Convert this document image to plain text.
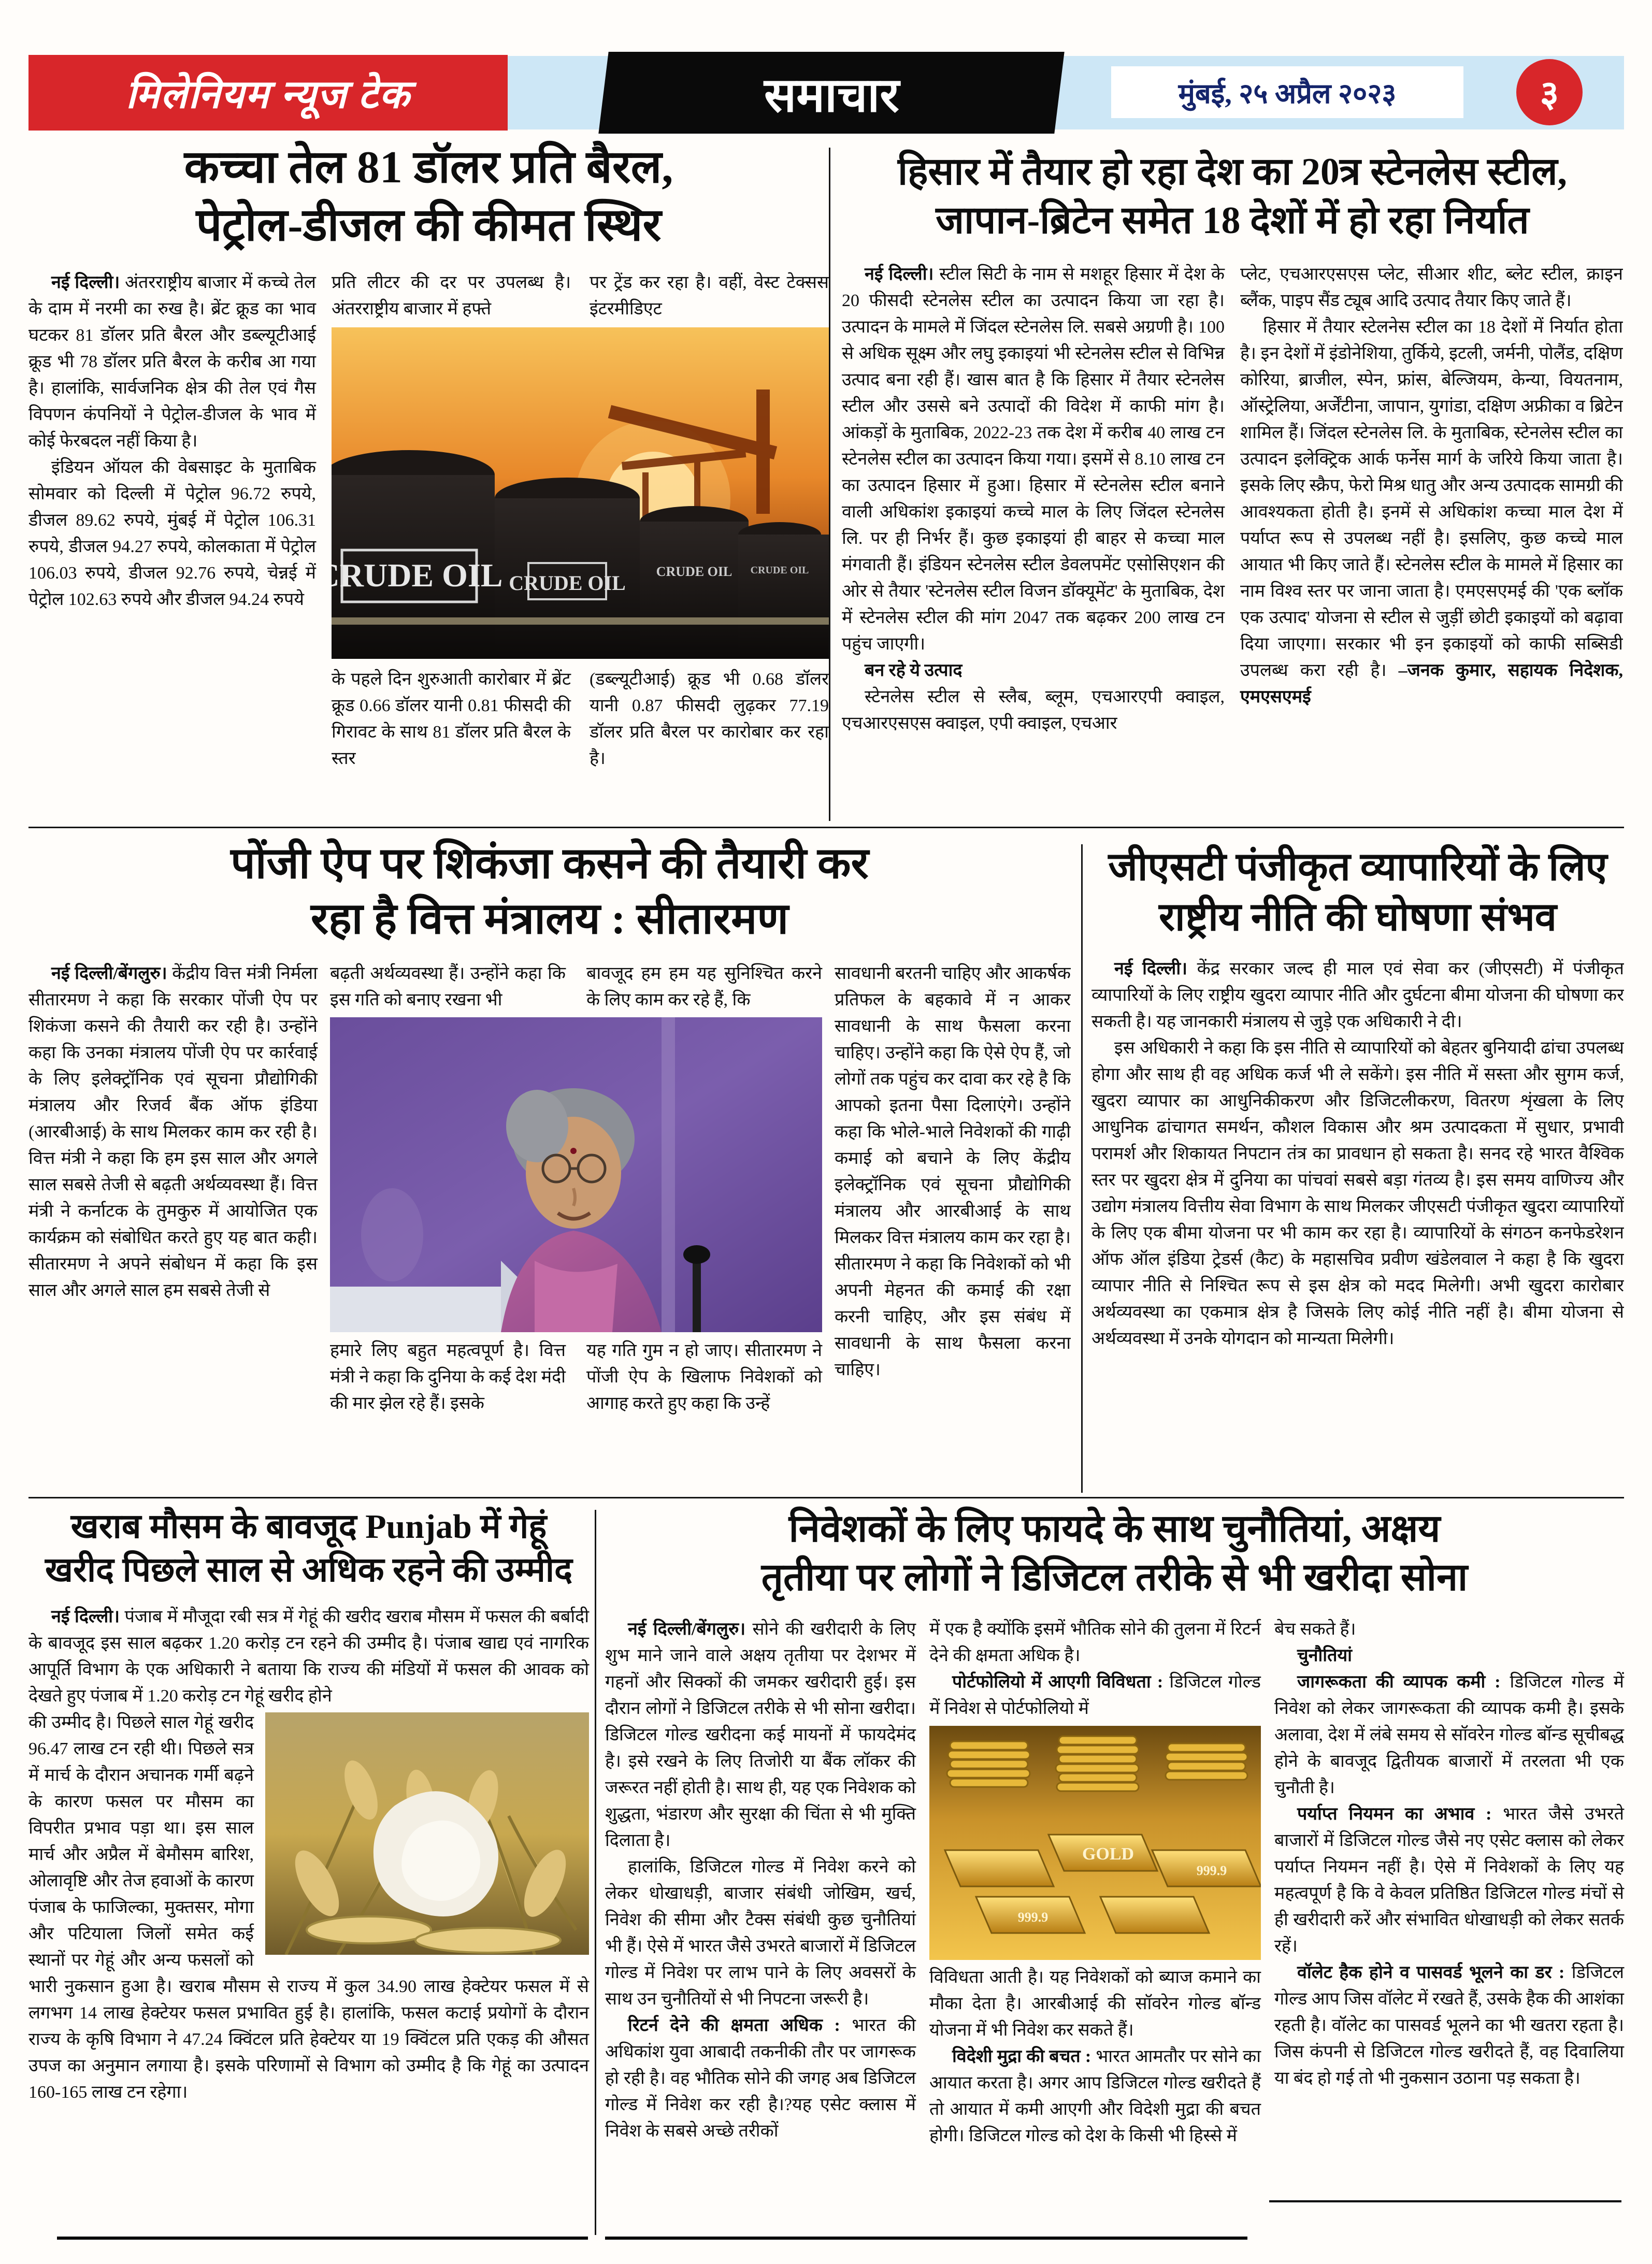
मिलेनियम न्यूज टेक	समाचार	मुंबई, २५ अप्रैल २०२३	३
कच्चा तेल 81 डॉलर प्रति बैरल,
पेट्रोल-डीजल की कीमत स्थिर

नई दिल्ली। अंतरराष्ट्रीय बाजार में कच्चे तेल के दाम में नरमी का रुख है। ब्रेंट क्रूड का भाव घटकर 81 डॉलर प्रति बैरल और डब्ल्यूटीआई क्रूड भी 78 डॉलर प्रति बैरल के करीब आ गया है। हालांकि, सार्वजनिक क्षेत्र की तेल एवं गैस विपणन कंपनियों ने पेट्रोल-डीजल के भाव में कोई फेरबदल नहीं किया है।

इंडियन ऑयल की वेबसाइट के मुताबिक सोमवार को दिल्ली में पेट्रोल 96.72 रुपये, डीजल 89.62 रुपये, मुंबई में पेट्रोल 106.31 रुपये, डीजल 94.27 रुपये, कोलकाता में पेट्रोल 106.03 रुपये, डीजल 92.76 रुपये, चेन्नई में पेट्रोल 102.63 रुपये और डीजल 94.24 रुपये

प्रति लीटर की दर पर उपलब्ध है। अंतरराष्ट्रीय बाजार में हफ्ते
पर ट्रेंड कर रहा है। वहीं, वेस्ट टेक्सस इंटरमीडिएट
CRUDE OIL CRUDE OIL CRUDE OIL CRUDE OIL
के पहले दिन शुरुआती कारोबार में ब्रेंट क्रूड 0.66 डॉलर यानी 0.81 फीसदी की गिरावट के साथ 81 डॉलर प्रति बैरल के स्तर
(डब्ल्यूटीआई) क्रूड भी 0.68 डॉलर यानी 0.87 फीसदी लुढ़कर 77.19 डॉलर प्रति बैरल पर कारोबार कर रहा है।
हिसार में तैयार हो रहा देश का 20त्र स्टेनलेस स्टील,
जापान-ब्रिटेन समेत 18 देशों में हो रहा निर्यात

नई दिल्ली। स्टील सिटी के नाम से मशहूर हिसार में देश के 20 फीसदी स्टेनलेस स्टील का उत्पादन किया जा रहा है। उत्पादन के मामले में जिंदल स्टेनलेस लि. सबसे अग्रणी है। 100 से अधिक सूक्ष्म और लघु इकाइयां भी स्टेनलेस स्टील से विभिन्न उत्पाद बना रही हैं। खास बात है कि हिसार में तैयार स्टेनलेस स्टील और उससे बने उत्पादों की विदेश में काफी मांग है। आंकड़ों के मुताबिक, 2022-23 तक देश में करीब 40 लाख टन स्टेनलेस स्टील का उत्पादन किया गया। इसमें से 8.10 लाख टन का उत्पादन हिसार में हुआ। हिसार में स्टेनलेस स्टील बनाने वाली अधिकांश इकाइयां कच्चे माल के लिए जिंदल स्टेनलेस लि. पर ही निर्भर हैं। कुछ इकाइयां ही बाहर से कच्चा माल मंगवाती हैं। इंडियन स्टेनलेस स्टील डेवलपमेंट एसोसिएशन की ओर से तैयार 'स्टेनलेस स्टील विजन डॉक्यूमेंट' के मुताबिक, देश में स्टेनलेस स्टील की मांग 2047 तक बढ़कर 200 लाख टन पहुंच जाएगी।

बन रहे ये उत्पाद

स्टेनलेस स्टील से स्लैब, ब्लूम, एचआरएपी क्वाइल, एचआरएसएस क्वाइल, एपी क्वाइल, एचआर

प्लेट, एचआरएसएस प्लेट, सीआर शीट, ब्लेट स्टील, क्राइन ब्लैंक, पाइप सैंड ट्यूब आदि उत्पाद तैयार किए जाते हैं।

हिसार में तैयार स्टेलनेस स्टील का 18 देशों में निर्यात होता है। इन देशों में इंडोनेशिया, तुर्किये, इटली, जर्मनी, पोलैंड, दक्षिण कोरिया, ब्राजील, स्पेन, फ्रांस, बेल्जियम, केन्या, वियतनाम, ऑस्ट्रेलिया, अर्जेंटीना, जापान, युगांडा, दक्षिण अफ्रीका व ब्रिटेन शामिल हैं। जिंदल स्टेनलेस लि. के मुताबिक, स्टेनलेस स्टील का उत्पादन इलेक्ट्रिक आर्क फर्नेस मार्ग के जरिये किया जाता है। इसके लिए स्क्रैप, फेरो मिश्र धातु और अन्य उत्पादक सामग्री की आवश्यकता होती है। इनमें से अधिकांश कच्चा माल देश में पर्याप्त रूप से उपलब्ध नहीं है। इसलिए, कुछ कच्चे माल आयात भी किए जाते हैं। स्टेनलेस स्टील के मामले में हिसार का नाम विश्व स्तर पर जाना जाता है। एमएसएमई की 'एक ब्लॉक एक उत्पाद' योजना से स्टील से जुड़ीं छोटी इकाइयों को बढ़ावा दिया जाएगा। सरकार भी इन इकाइयों को काफी सब्सिडी उपलब्ध करा रही है। –जनक कुमार, सहायक निदेशक, एमएसएमई

पोंजी ऐप पर शिकंजा कसने की तैयारी कर
रहा है वित्त मंत्रालय : सीतारमण

नई दिल्ली/बेंगलुरु। केंद्रीय वित्त मंत्री निर्मला सीतारमण ने कहा कि सरकार पोंजी ऐप पर शिकंजा कसने की तैयारी कर रही है। उन्होंने कहा कि उनका मंत्रालय पोंजी ऐप पर कार्रवाई के लिए इलेक्ट्रॉनिक एवं सूचना प्रौद्योगिकी मंत्रालय और रिजर्व बैंक ऑफ इंडिया (आरबीआई) के साथ मिलकर काम कर रही है। वित्त मंत्री ने कहा कि हम इस साल और अगले साल सबसे तेजी से बढ़ती अर्थव्यवस्था हैं। वित्त मंत्री ने कर्नाटक के तुमकुरु में आयोजित एक कार्यक्रम को संबोधित करते हुए यह बात कही। सीतारमण ने अपने संबोधन में कहा कि इस साल और अगले साल हम सबसे तेजी से

बढ़ती अर्थव्यवस्था हैं। उन्होंने कहा कि इस गति को बनाए रखना भी
बावजूद हम हम यह सुनिश्चित करने के लिए काम कर रहे हैं, कि
हमारे लिए बहुत महत्वपूर्ण है। वित्त मंत्री ने कहा कि दुनिया के कई देश मंदी की मार झेल रहे हैं। इसके
यह गति गुम न हो जाए। सीतारमण ने पोंजी ऐप के खिलाफ निवेशकों को आगाह करते हुए कहा कि उन्हें

सावधानी बरतनी चाहिए और आकर्षक प्रतिफल के बहकावे में न आकर सावधानी के साथ फैसला करना चाहिए। उन्होंने कहा कि ऐसे ऐप हैं, जो लोगों तक पहुंच कर दावा कर रहे है कि आपको इतना पैसा दिलाएंगे। उन्होंने कहा कि भोले-भाले निवेशकों की गाढ़ी कमाई को बचाने के लिए केंद्रीय इलेक्ट्रॉनिक एवं सूचना प्रौद्योगिकी मंत्रालय और आरबीआई के साथ मिलकर वित्त मंत्रालय काम कर रहा है। सीतारमण ने कहा कि निवेशकों को भी अपनी मेहनत की कमाई की रक्षा करनी चाहिए, और इस संबंध में सावधानी के साथ फैसला करना चाहिए।

जीएसटी पंजीकृत व्यापारियों के लिए
राष्ट्रीय नीति की घोषणा संभव

नई दिल्ली। केंद्र सरकार जल्द ही माल एवं सेवा कर (जीएसटी) में पंजीकृत व्यापारियों के लिए राष्ट्रीय खुदरा व्यापार नीति और दुर्घटना बीमा योजना की घोषणा कर सकती है। यह जानकारी मंत्रालय से जुड़े एक अधिकारी ने दी।

इस अधिकारी ने कहा कि इस नीति से व्यापारियों को बेहतर बुनियादी ढांचा उपलब्ध होगा और साथ ही वह अधिक कर्ज भी ले सकेंगे। इस नीति में सस्ता और सुगम कर्ज, खुदरा व्यापार का आधुनिकीकरण और डिजिटलीकरण, वितरण शृंखला के लिए आधुनिक ढांचागत समर्थन, कौशल विकास और श्रम उत्पादकता में सुधार, प्रभावी परामर्श और शिकायत निपटान तंत्र का प्रावधान हो सकता है। सनद रहे भारत वैश्विक स्तर पर खुदरा क्षेत्र में दुनिया का पांचवां सबसे बड़ा गंतव्य है। इस समय वाणिज्य और उद्योग मंत्रालय वित्तीय सेवा विभाग के साथ मिलकर जीएसटी पंजीकृत खुदरा व्यापारियों के लिए एक बीमा योजना पर भी काम कर रहा है। व्यापारियों के संगठन कनफेडरेशन ऑफ ऑल इंडिया ट्रेडर्स (कैट) के महासचिव प्रवीण खंडेलवाल ने कहा है कि खुदरा व्यापार नीति से निश्चित रूप से इस क्षेत्र को मदद मिलेगी। अभी खुदरा कारोबार अर्थव्यवस्था का एकमात्र क्षेत्र है जिसके लिए कोई नीति नहीं है। बीमा योजना से अर्थव्यवस्था में उनके योगदान को मान्यता मिलेगी।

खराब मौसम के बावजूद Punjab में गेहूं
खरीद पिछले साल से अधिक रहने की उम्मीद

नई दिल्ली। पंजाब में मौजूदा रबी सत्र में गेहूं की खरीद खराब मौसम में फसल की बर्बादी के बावजूद इस साल बढ़कर 1.20 करोड़ टन रहने की उम्मीद है। पंजाब खाद्य एवं नागरिक आपूर्ति विभाग के एक अधिकारी ने बताया कि राज्य की मंडियों में फसल की आवक को देखते हुए पंजाब में 1.20 करोड़ टन गेहूं खरीद होने

की उम्मीद है। पिछले साल गेहूं खरीद 96.47 लाख टन रही थी। पिछले सत्र में मार्च के दौरान अचानक गर्मी बढ़ने के कारण फसल पर मौसम का विपरीत प्रभाव पड़ा था। इस साल मार्च और अप्रैल में बेमौसम बारिश, ओलावृष्टि और तेज हवाओं के कारण पंजाब के फाजिल्का, मुक्तसर, मोगा और पटियाला जिलों समेत कई स्थानों पर गेहूं और अन्य फसलों को भारी नुकसान हुआ है। खराब मौसम से राज्य में कुल 34.90 लाख हेक्टेयर फसल में से लगभग 14 लाख हेक्टेयर फसल प्रभावित हुई है। हालांकि, फसल कटाई प्रयोगों के दौरान राज्य के कृषि विभाग ने 47.24 क्विंटल प्रति हेक्टेयर या 19 क्विंटल प्रति एकड़ की औसत उपज का अनुमान लगाया है। इसके परिणामों से विभाग को उम्मीद है कि गेहूं का उत्पादन 160-165 लाख टन रहेगा।

निवेशकों के लिए फायदे के साथ चुनौतियां, अक्षय
तृतीया पर लोगों ने डिजिटल तरीके से भी खरीदा सोना

नई दिल्ली/बेंगलुरु। सोने की खरीदारी के लिए शुभ माने जाने वाले अक्षय तृतीया पर देशभर में गहनों और सिक्कों की जमकर खरीदारी हुई। इस दौरान लोगों ने डिजिटल तरीके से भी सोना खरीदा। डिजिटल गोल्ड खरीदना कई मायनों में फायदेमंद है। इसे रखने के लिए तिजोरी या बैंक लॉकर की जरूरत नहीं होती है। साथ ही, यह एक निवेशक को शुद्धता, भंडारण और सुरक्षा की चिंता से भी मुक्ति दिलाता है।

हालांकि, डिजिटल गोल्ड में निवेश करने को लेकर धोखाधड़ी, बाजार संबंधी जोखिम, खर्च, निवेश की सीमा और टैक्स संबंधी कुछ चुनौतियां भी हैं। ऐसे में भारत जैसे उभरते बाजारों में डिजिटल गोल्ड में निवेश पर लाभ पाने के लिए अवसरों के साथ उन चुनौतियों से भी निपटना जरूरी है।

रिटर्न देने की क्षमता अधिक : भारत की अधिकांश युवा आबादी तकनीकी तौर पर जागरूक हो रही है। वह भौतिक सोने की जगह अब डिजिटल गोल्ड में निवेश कर रही है।?यह एसेट क्लास में निवेश के सबसे अच्छे तरीकों

में एक है क्योंकि इसमें भौतिक सोने की तुलना में रिटर्न देने की क्षमता अधिक है।

पोर्टफोलियो में आएगी विविधता : डिजिटल गोल्ड में निवेश से पोर्टफोलियो में

GOLD
999.9
999.9

विविधता आती है। यह निवेशकों को ब्याज कमाने का मौका देता है। आरबीआई की सॉवरेन गोल्ड बॉन्ड योजना में भी निवेश कर सकते हैं।

विदेशी मुद्रा की बचत : भारत आमतौर पर सोने का आयात करता है। अगर आप डिजिटल गोल्ड खरीदते हैं तो आयात में कमी आएगी और विदेशी मुद्रा की बचत होगी। डिजिटल गोल्ड को देश के किसी भी हिस्से में

बेच सकते हैं।

चुनौतियां

जागरूकता की व्यापक कमी : डिजिटल गोल्ड में निवेश को लेकर जागरूकता की व्यापक कमी है। इसके अलावा, देश में लंबे समय से सॉवरेन गोल्ड बॉन्ड सूचीबद्ध होने के बावजूद द्वितीयक बाजारों में तरलता भी एक चुनौती है।

पर्याप्त नियमन का अभाव : भारत जैसे उभरते बाजारों में डिजिटल गोल्ड जैसे नए एसेट क्लास को लेकर पर्याप्त नियमन नहीं है। ऐसे में निवेशकों के लिए यह महत्वपूर्ण है कि वे केवल प्रतिष्ठित डिजिटल गोल्ड मंचों से ही खरीदारी करें और संभावित धोखाधड़ी को लेकर सतर्क रहें।

वॉलेट हैक होने व पासवर्ड भूलने का डर : डिजिटल गोल्ड आप जिस वॉलेट में रखते हैं, उसके हैक की आशंका रहती है। वॉलेट का पासवर्ड भूलने का भी खतरा रहता है। जिस कंपनी से डिजिटल गोल्ड खरीदते हैं, वह दिवालिया या बंद हो गई तो भी नुकसान उठाना पड़ सकता है।
